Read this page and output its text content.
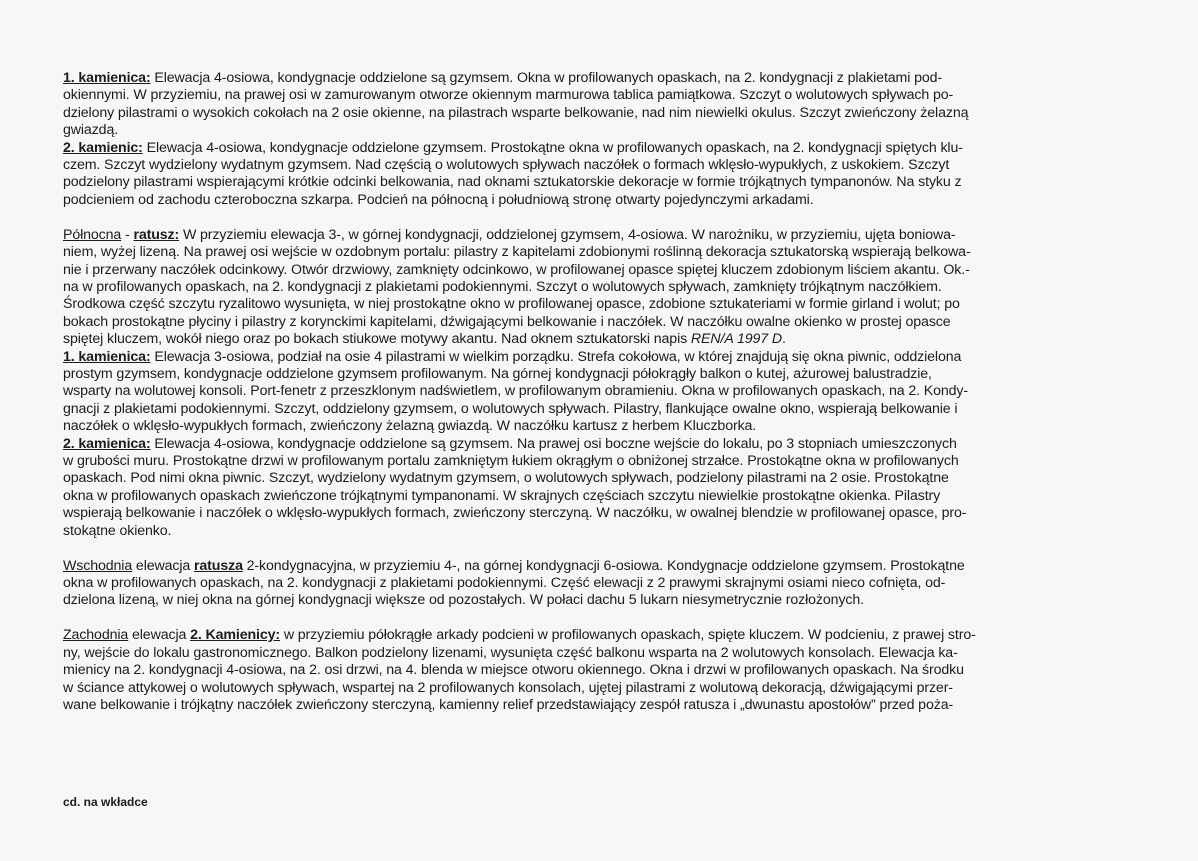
1. kamienica: Elewacja 4-osiowa, kondygnacje oddzielone są gzymsem. Okna w profilowanych opaskach, na 2. kondygnacji z plakietami pod-
okiennymi. W przyziemiu, na prawej osi w zamurowanym otworze okiennym marmurowa tablica pamiątkowa. Szczyt o wolutowych spływach po-
dzielony pilastrami o wysokich cokołach na 2 osie okienne, na pilastrach wsparte belkowanie, nad nim niewielki okulus. Szczyt zwieńczony żelazną
gwiazdą.
2. kamienic: Elewacja 4-osiowa, kondygnacje oddzielone gzymsem. Prostokątne okna w profilowanych opaskach, na 2. kondygnacji spiętych klu-
czem. Szczyt wydzielony wydatnym gzymsem. Nad częścią o wolutowych spływach naczółek o formach wklęsło-wypukłych, z uskokiem. Szczyt
podzielony pilastrami wspierającymi krótkie odcinki belkowania, nad oknami sztukatorskie dekoracje w formie trójkątnych tympanonów. Na styku z
podcieniem od zachodu czteroboczna szkarpa. Podcień na północną i południową stronę otwarty pojedynczymi arkadami.
Północna - ratusz: W przyziemiu elewacja 3-, w górnej kondygnacji, oddzielonej gzymsem, 4-osiowa. W narożniku, w przyziemiu, ujęta boniowa-
niem, wyżej lizeną. Na prawej osi wejście w ozdobnym portalu: pilastry z kapitelami zdobionymi roślinną dekoracja sztukatorską wspierają belkowa-
nie i przerwany naczółek odcinkowy. Otwór drzwiowy, zamknięty odcinkowo, w profilowanej opasce spiętej kluczem zdobionym liściem akantu. Ok.-
na w profilowanych opaskach, na 2. kondygnacji z plakietami podokiennymi. Szczyt o wolutowych spływach, zamknięty trójkątnym naczółkiem.
Środkowa część szczytu ryzalitowo wysunięta, w niej prostokątne okno w profilowanej opasce, zdobione sztukateriami w formie girland i wolut; po
bokach prostokątne płyciny i pilastry z korynckimi kapitelami, dźwigającymi belkowanie i naczółek. W naczółku owalne okienko w prostej opasce
spiętej kluczem, wokół niego oraz po bokach stiukowe motywy akantu. Nad oknem sztukatorski napis REN/A 1997 D.
1. kamienica: Elewacja 3-osiowa, podział na osie 4 pilastrami w wielkim porządku. Strefa cokołowa, w której znajdują się okna piwnic, oddzielona
prostym gzymsem, kondygnacje oddzielone gzymsem profilowanym. Na górnej kondygnacji półokrągły balkon o kutej, ażurowej balustradzie,
wsparty na wolutowej konsoli. Port-fenetr z przeszklonym nadświetlem, w profilowanym obramieniu. Okna w profilowanych opaskach, na 2. Kondy-
gnacji z plakietami podokiennymi. Szczyt, oddzielony gzymsem, o wolutowych spływach. Pilastry, flankujące owalne okno, wspierają belkowanie i
naczółek o wklęsło-wypukłych formach, zwieńczony żelazną gwiazdą. W naczółku kartusz z herbem Kluczborka.
2. kamienica: Elewacja 4-osiowa, kondygnacje oddzielone są gzymsem. Na prawej osi boczne wejście do lokalu, po 3 stopniach umieszczonych
w grubości muru. Prostokątne drzwi w profilowanym portalu zamkniętym łukiem okrągłym o obniżonej strzałce. Prostokątne okna w profilowanych
opaskach. Pod nimi okna piwnic. Szczyt, wydzielony wydatnym gzymsem, o wolutowych spływach, podzielony pilastrami na 2 osie. Prostokątne
okna w profilowanych opaskach zwieńczone trójkątnymi tympanonami. W skrajnych częściach szczytu niewielkie prostokątne okienka. Pilastry
wspierają belkowanie i naczółek o wklęsło-wypukłych formach, zwieńczony sterczyną. W naczółku, w owalnej blendzie w profilowanej opasce, pro-
stokątne okienko.
Wschodnia elewacja ratusza 2-kondygnacyjna, w przyziemiu 4-, na górnej kondygnacji 6-osiowa. Kondygnacje oddzielone gzymsem. Prostokątne
okna w profilowanych opaskach, na 2. kondygnacji z plakietami podokiennymi. Część elewacji z 2 prawymi skrajnymi osiami nieco cofnięta, od-
dzielona lizeną, w niej okna na górnej kondygnacji większe od pozostałych. W połaci dachu 5 lukarn niesymetrycznie rozłożonych.
Zachodnia elewacja 2. Kamienicy: w przyziemiu półokrągłe arkady podcieni w profilowanych opaskach, spięte kluczem. W podcieniu, z prawej stro-
ny, wejście do lokalu gastronomicznego. Balkon podzielony lizenami, wysunięta część balkonu wsparta na 2 wolutowych konsolach. Elewacja ka-
mienicy na 2. kondygnacji 4-osiowa, na 2. osi drzwi, na 4. blenda w miejsce otworu okiennego. Okna i drzwi w profilowanych opaskach. Na środku
w ściance attykowej o wolutowych spływach, wspartej na 2 profilowanych konsolach, ujętej pilastrami z wolutową dekoracją, dźwigającymi przer-
wane belkowanie i trójkątny naczółek zwieńczony sterczyną, kamienny relief przedstawiający zespół ratusza i „dwunastu apostołów” przed poża-
cd. na wkładce
